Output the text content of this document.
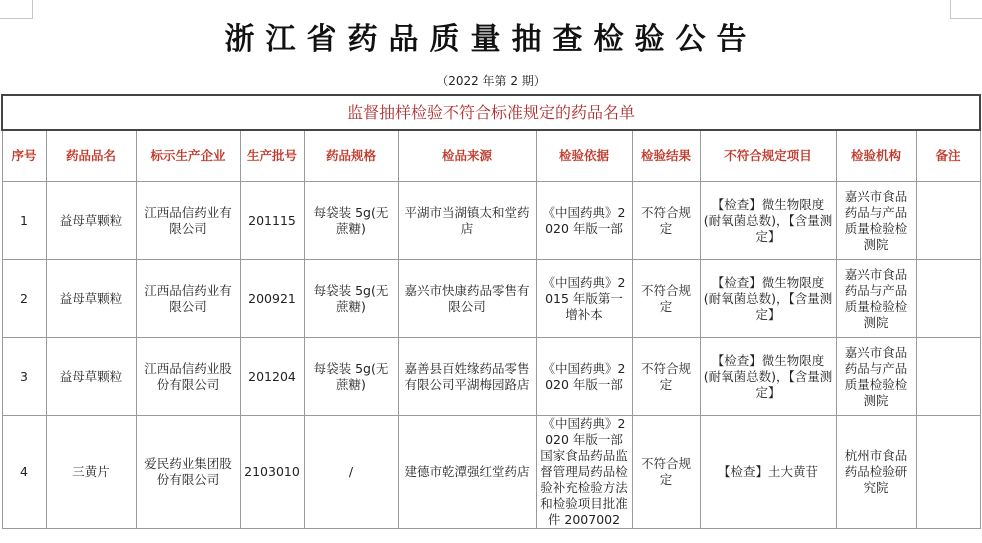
浙江省药品质量抽查检验公告
（2022 年第 2 期）
监督抽样检验不符合标准规定的药品名单										
序号	药品品名	标示生产企业	生产批号	药品规格	检品来源	检验依据	检验结果	不符合规定项目	检验机构	备注
1	益母草颗粒	江西品信药业有限公司	201115	每袋装 5g(无蔗糖)	平湖市当湖镇太和堂药店	《中国药典》2020 年版一部	不符合规定	【检查】微生物限度(耐氧菌总数)，【含量测定】	嘉兴市食品药品与产品质量检验检测院	
2	益母草颗粒	江西品信药业有限公司	200921	每袋装 5g(无蔗糖)	嘉兴市快康药品零售有限公司	《中国药典》2015 年版第一增补本	不符合规定	【检查】微生物限度(耐氧菌总数)，【含量测定】	嘉兴市食品药品与产品质量检验检测院	
3	益母草颗粒	江西品信药业股份有限公司	201204	每袋装 5g(无蔗糖)	嘉善县百姓缘药品零售有限公司平湖梅园路店	《中国药典》2020 年版一部	不符合规定	【检查】微生物限度(耐氧菌总数)，【含量测定】	嘉兴市食品药品与产品质量检验检测院	
4	三黄片	爱民药业集团股份有限公司	2103010	/	建德市乾潭强红堂药店	《中国药典》2020 年版一部 国家食品药品监督管理局药品检验补充检验方法和检验项目批准件 2007002	不符合规定	【检查】土大黄苷	杭州市食品药品检验研究院	
